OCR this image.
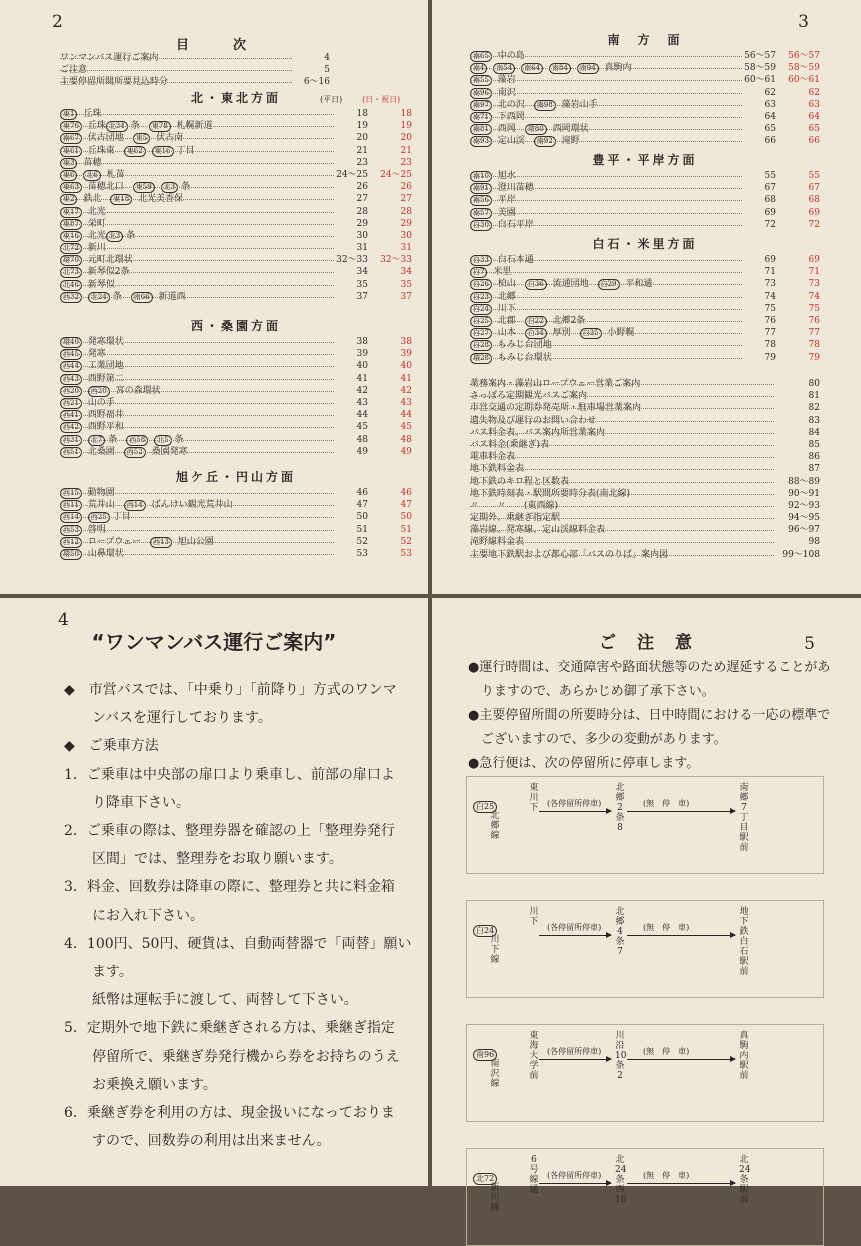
2
目　　次
ワンマンバス運行ご案内	4
ご注意	5
主要停留所間所要見込時分	6～16
北・東北方面	(平日) (日・祝日)
東1 丘珠	18	18
東76 丘珠 北34 条　東78 札幌新道	19	19
南67 伏古団地　東5 伏古南	20	20
東61 丘珠東　東62 東16 丁目	21	21
東3 苗穂	23	23
東6 北6 札苗	24～25 24～25
東63 苗穂北口　東59 北3 条	26	26
東2 鉄北　東18 北光美香保	27	27
東17 北光	28	28
東87 栄町	29	29
東16 北光 北3 条	30	30
北72 新川	31	31
環70 元町北環状	32～33 32～33
北73 新琴似2条	34	34
北46 新琴似	35	35
西32 北24 条　南66 新道西	37	37
西・桑園方面
環40 発寒環状	38	38
西45 発寒	39	39
西44 工業団地	40	40
西43 西野第二	41	41
西20 西20 宮の森環状	42	42
西21 山の手	43	43
西41 西野福井	44	44
西42 西野平和	45	45
西31 北7 条　西58 北5 条	48	48
西51 北桑園　西52 桑園発寒	49	49
旭ケ丘・円山方面
西15 動物園	46	46
西11 荒井山　西14 ばんけい観光荒井山	47	47
西14 西25 丁目	50	50
西53 啓明	51	51
西12 ロープウェー　西13 旭山公園	52	52
環50 山鼻環状	53	53
3
南　方　面
南65 中の島	56～57 56～57
南4 南54 南64 南84 南94 真駒内	58～59 58～59
南55 藻岩	60～61 60～61
南96 南沢	62	62
南97 北の沢　南98 藻岩山手	63	63
南71 下西岡	64	64
南81 西岡　環80 西岡環状	65	65
南93 定山渓　南92 滝野	66	66
豊平・平岸方面
南10 旭水	55	55
南91 澄川苗穂	67	67
南56 平岸	68	68
南57 美園	69	69
白30 白石平岸	72	72
白石・米里方面
白33 白石本通	69	69
白7 米里	71	71
白26 柏山　白36 流通団地　白29 平和通	73	73
白23 北郷	74	74
白24 川下	75	75
白25 北郡　白22 北郷2条	76	76
白27 山本　白34 厚別　白35 小野幌	77	77
白28 もみじ台団地	78	78
環28 もみじ台環状	79	79
業務案内・藻岩山ロープウェー営業ご案内	80
さっぽろ定期観光バスご案内	81
市営交通の定期券発売所・駐車場営業案内	82
遺失物及び運行のお問い合わせ	83
バス料金表、バス案内所営業案内	84
バス料金(乗継ぎ)表	85
電車料金表	86
地下鉄料金表	87
地下鉄のキロ程と区数表	88～89
地下鉄時刻表・駅間所要時分表(南北線)	90～91
〃　　〃　　(東西線)	92～93
定期外、乗継ぎ指定駅	94～95
藻岩線、発寒線、定山渓線料金表	96～97
滝野線料金表	98
主要地下鉄駅および都心部「バスのりば」案内図	99～108
4
“ワンマンバス運行ご案内”
◆　市営バスでは、「中乗り」「前降り」方式のワンマ
　　ンバスを運行しております。
◆　ご乗車方法
1．ご乗車は中央部の扉口より乗車し、前部の扉口よ
　　り降車下さい。
2．ご乗車の際は、整理券器を確認の上「整理券発行
　　区間」では、整理券をお取り願います。
3．料金、回数券は降車の際に、整理券と共に料金箱
　　にお入れ下さい。
4．100円、50円、硬貨は、自動両替器で「両替」願い
　　ます。
　　紙幣は運転手に渡して、両替して下さい。
5．定期外で地下鉄に乗継ぎされる方は、乗継ぎ指定
　　停留所で、乗継ぎ券発行機から券をお持ちのうえ
　　お乗換え願います。
6．乗継ぎ券を利用の方は、現金扱いになっておりま
　　すので、回数券の利用は出来ません。
5
ご　注　意
●運行時間は、交通障害や路面状態等のため遅延することがあ
　りますので、あらかじめ御了承下さい。
●主要停留所間の所要時分は、日中時間における一応の標準で
　ございますので、多少の変動があります。
●急行便は、次の停留所に停車します。
白25
北郷線
東川下
北郷2条8
南郷7丁目駅前
(各停留所停車)	(無　停　車)
白24
川下線
川下
北郷4条7
地下鉄白石駅前
(各停留所停車)	(無　停　車)
南96
南沢線
東海大学前
川沿10条2
真駒内駅前
(各停留所停車)	(無　停　車)
北72
新川線
6号線通
北24条西16
北24条駅前
(各停留所停車)	(無　停　車)
